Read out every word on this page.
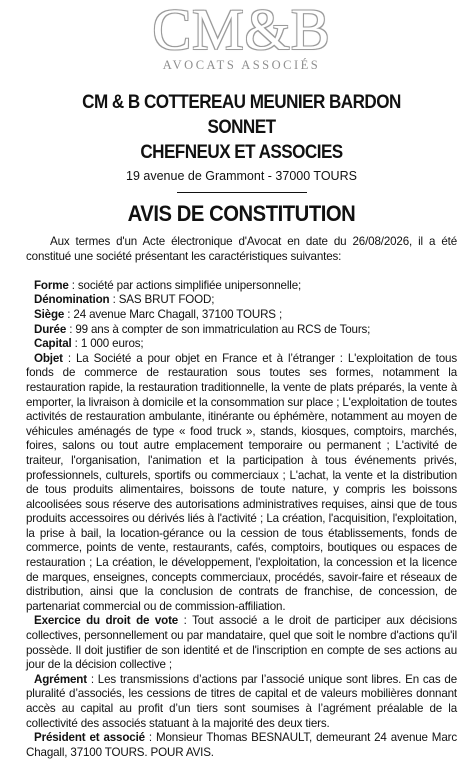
CM&B
AVOCATS ASSOCIÉS
CM & B COTTEREAU MEUNIER BARDON SONNET
CHEFNEUX ET ASSOCIES
19 avenue de Grammont - 37000 TOURS
AVIS DE CONSTITUTION

Aux termes d'un Acte électronique d'Avocat en date du 26/08/2026, il a été constitué une société présentant les caractéristiques suivantes:

Forme : société par actions simplifiée unipersonnelle;

Dénomination : SAS BRUT FOOD;

Siège : 24 avenue Marc Chagall, 37100 TOURS ;

Durée : 99 ans à compter de son immatriculation au RCS de Tours;

Capital : 1 000 euros;

Objet : La Société a pour objet en France et à l’étranger : L'exploitation de tous fonds de commerce de restauration sous toutes ses formes, notamment la restauration rapide, la restauration traditionnelle, la vente de plats préparés, la vente à emporter, la livraison à domicile et la consommation sur place ; L'exploitation de toutes activités de restauration ambulante, itinérante ou éphémère, notamment au moyen de véhicules aménagés de type « food truck », stands, kiosques, comptoirs, marchés, foires, salons ou tout autre emplacement temporaire ou permanent ; L'activité de traiteur, l'organisation, l'animation et la participation à tous événements privés, professionnels, culturels, sportifs ou commerciaux ; L'achat, la vente et la distribution de tous produits alimentaires, boissons de toute nature, y compris les boissons alcoolisées sous réserve des autorisations administratives requises, ainsi que de tous produits accessoires ou dérivés liés à l'activité ; La création, l'acquisition, l'exploitation, la prise à bail, la location-gérance ou la cession de tous établissements, fonds de commerce, points de vente, restaurants, cafés, comptoirs, boutiques ou espaces de restauration ; La création, le développement, l'exploitation, la concession et la licence de marques, enseignes, concepts commerciaux, procédés, savoir-faire et réseaux de distribution, ainsi que la conclusion de contrats de franchise, de concession, de partenariat commercial ou de commission-affiliation.

Exercice du droit de vote : Tout associé a le droit de participer aux décisions collectives, personnellement ou par mandataire, quel que soit le nombre d'actions qu'il possède. Il doit justifier de son identité et de l'inscription en compte de ses actions au jour de la décision collective ;

Agrément : Les transmissions d’actions par l’associé unique sont libres. En cas de pluralité d’associés, les cessions de titres de capital et de valeurs mobilières donnant accès au capital au profit d’un tiers sont soumises à l’agrément préalable de la collectivité des associés statuant à la majorité des deux tiers.

Président et associé : Monsieur Thomas BESNAULT, demeurant 24 avenue Marc Chagall, 37100 TOURS. POUR AVIS.
